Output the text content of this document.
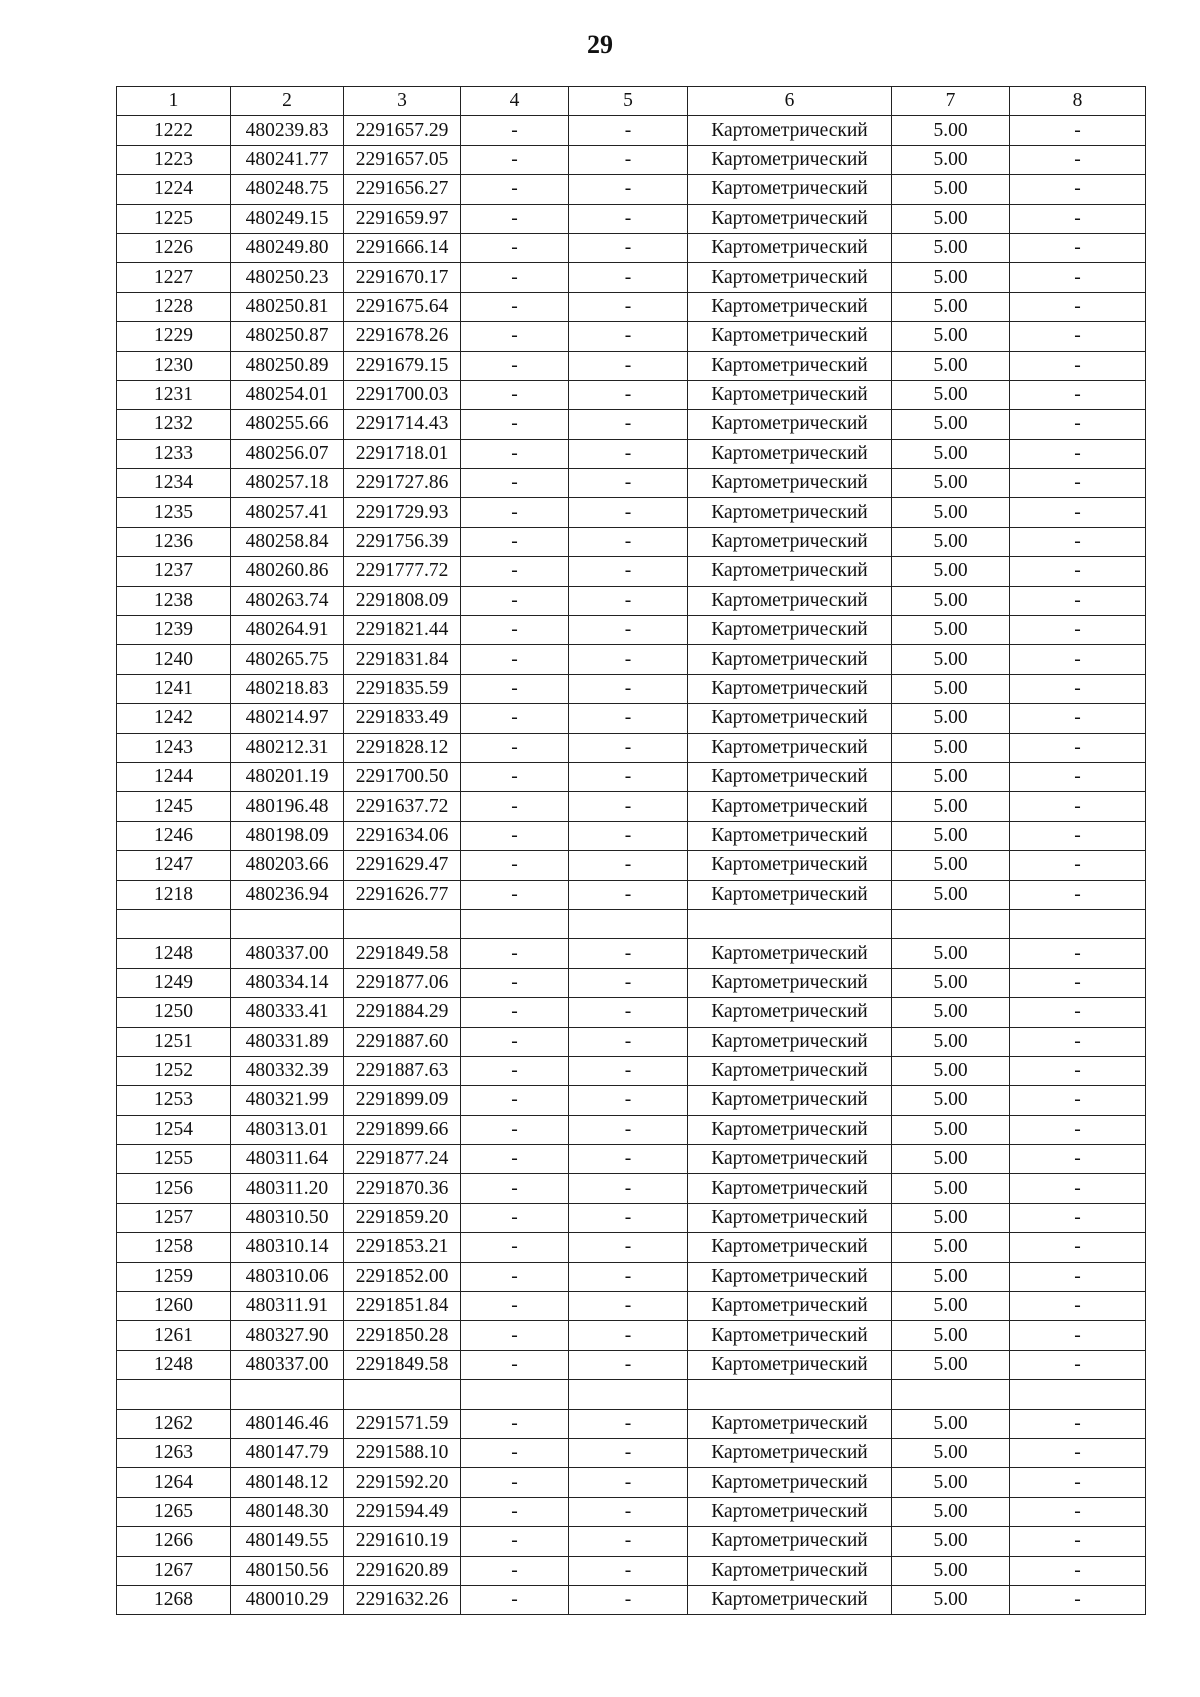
29
1	2	3	4	5	6	7	8
1222	480239.83	2291657.29	-	-	Картометрический	5.00	-
1223	480241.77	2291657.05	-	-	Картометрический	5.00	-
1224	480248.75	2291656.27	-	-	Картометрический	5.00	-
1225	480249.15	2291659.97	-	-	Картометрический	5.00	-
1226	480249.80	2291666.14	-	-	Картометрический	5.00	-
1227	480250.23	2291670.17	-	-	Картометрический	5.00	-
1228	480250.81	2291675.64	-	-	Картометрический	5.00	-
1229	480250.87	2291678.26	-	-	Картометрический	5.00	-
1230	480250.89	2291679.15	-	-	Картометрический	5.00	-
1231	480254.01	2291700.03	-	-	Картометрический	5.00	-
1232	480255.66	2291714.43	-	-	Картометрический	5.00	-
1233	480256.07	2291718.01	-	-	Картометрический	5.00	-
1234	480257.18	2291727.86	-	-	Картометрический	5.00	-
1235	480257.41	2291729.93	-	-	Картометрический	5.00	-
1236	480258.84	2291756.39	-	-	Картометрический	5.00	-
1237	480260.86	2291777.72	-	-	Картометрический	5.00	-
1238	480263.74	2291808.09	-	-	Картометрический	5.00	-
1239	480264.91	2291821.44	-	-	Картометрический	5.00	-
1240	480265.75	2291831.84	-	-	Картометрический	5.00	-
1241	480218.83	2291835.59	-	-	Картометрический	5.00	-
1242	480214.97	2291833.49	-	-	Картометрический	5.00	-
1243	480212.31	2291828.12	-	-	Картометрический	5.00	-
1244	480201.19	2291700.50	-	-	Картометрический	5.00	-
1245	480196.48	2291637.72	-	-	Картометрический	5.00	-
1246	480198.09	2291634.06	-	-	Картометрический	5.00	-
1247	480203.66	2291629.47	-	-	Картометрический	5.00	-
1218	480236.94	2291626.77	-	-	Картометрический	5.00	-

1248	480337.00	2291849.58	-	-	Картометрический	5.00	-
1249	480334.14	2291877.06	-	-	Картометрический	5.00	-
1250	480333.41	2291884.29	-	-	Картометрический	5.00	-
1251	480331.89	2291887.60	-	-	Картометрический	5.00	-
1252	480332.39	2291887.63	-	-	Картометрический	5.00	-
1253	480321.99	2291899.09	-	-	Картометрический	5.00	-
1254	480313.01	2291899.66	-	-	Картометрический	5.00	-
1255	480311.64	2291877.24	-	-	Картометрический	5.00	-
1256	480311.20	2291870.36	-	-	Картометрический	5.00	-
1257	480310.50	2291859.20	-	-	Картометрический	5.00	-
1258	480310.14	2291853.21	-	-	Картометрический	5.00	-
1259	480310.06	2291852.00	-	-	Картометрический	5.00	-
1260	480311.91	2291851.84	-	-	Картометрический	5.00	-
1261	480327.90	2291850.28	-	-	Картометрический	5.00	-
1248	480337.00	2291849.58	-	-	Картометрический	5.00	-

1262	480146.46	2291571.59	-	-	Картометрический	5.00	-
1263	480147.79	2291588.10	-	-	Картометрический	5.00	-
1264	480148.12	2291592.20	-	-	Картометрический	5.00	-
1265	480148.30	2291594.49	-	-	Картометрический	5.00	-
1266	480149.55	2291610.19	-	-	Картометрический	5.00	-
1267	480150.56	2291620.89	-	-	Картометрический	5.00	-
1268	480010.29	2291632.26	-	-	Картометрический	5.00	-
